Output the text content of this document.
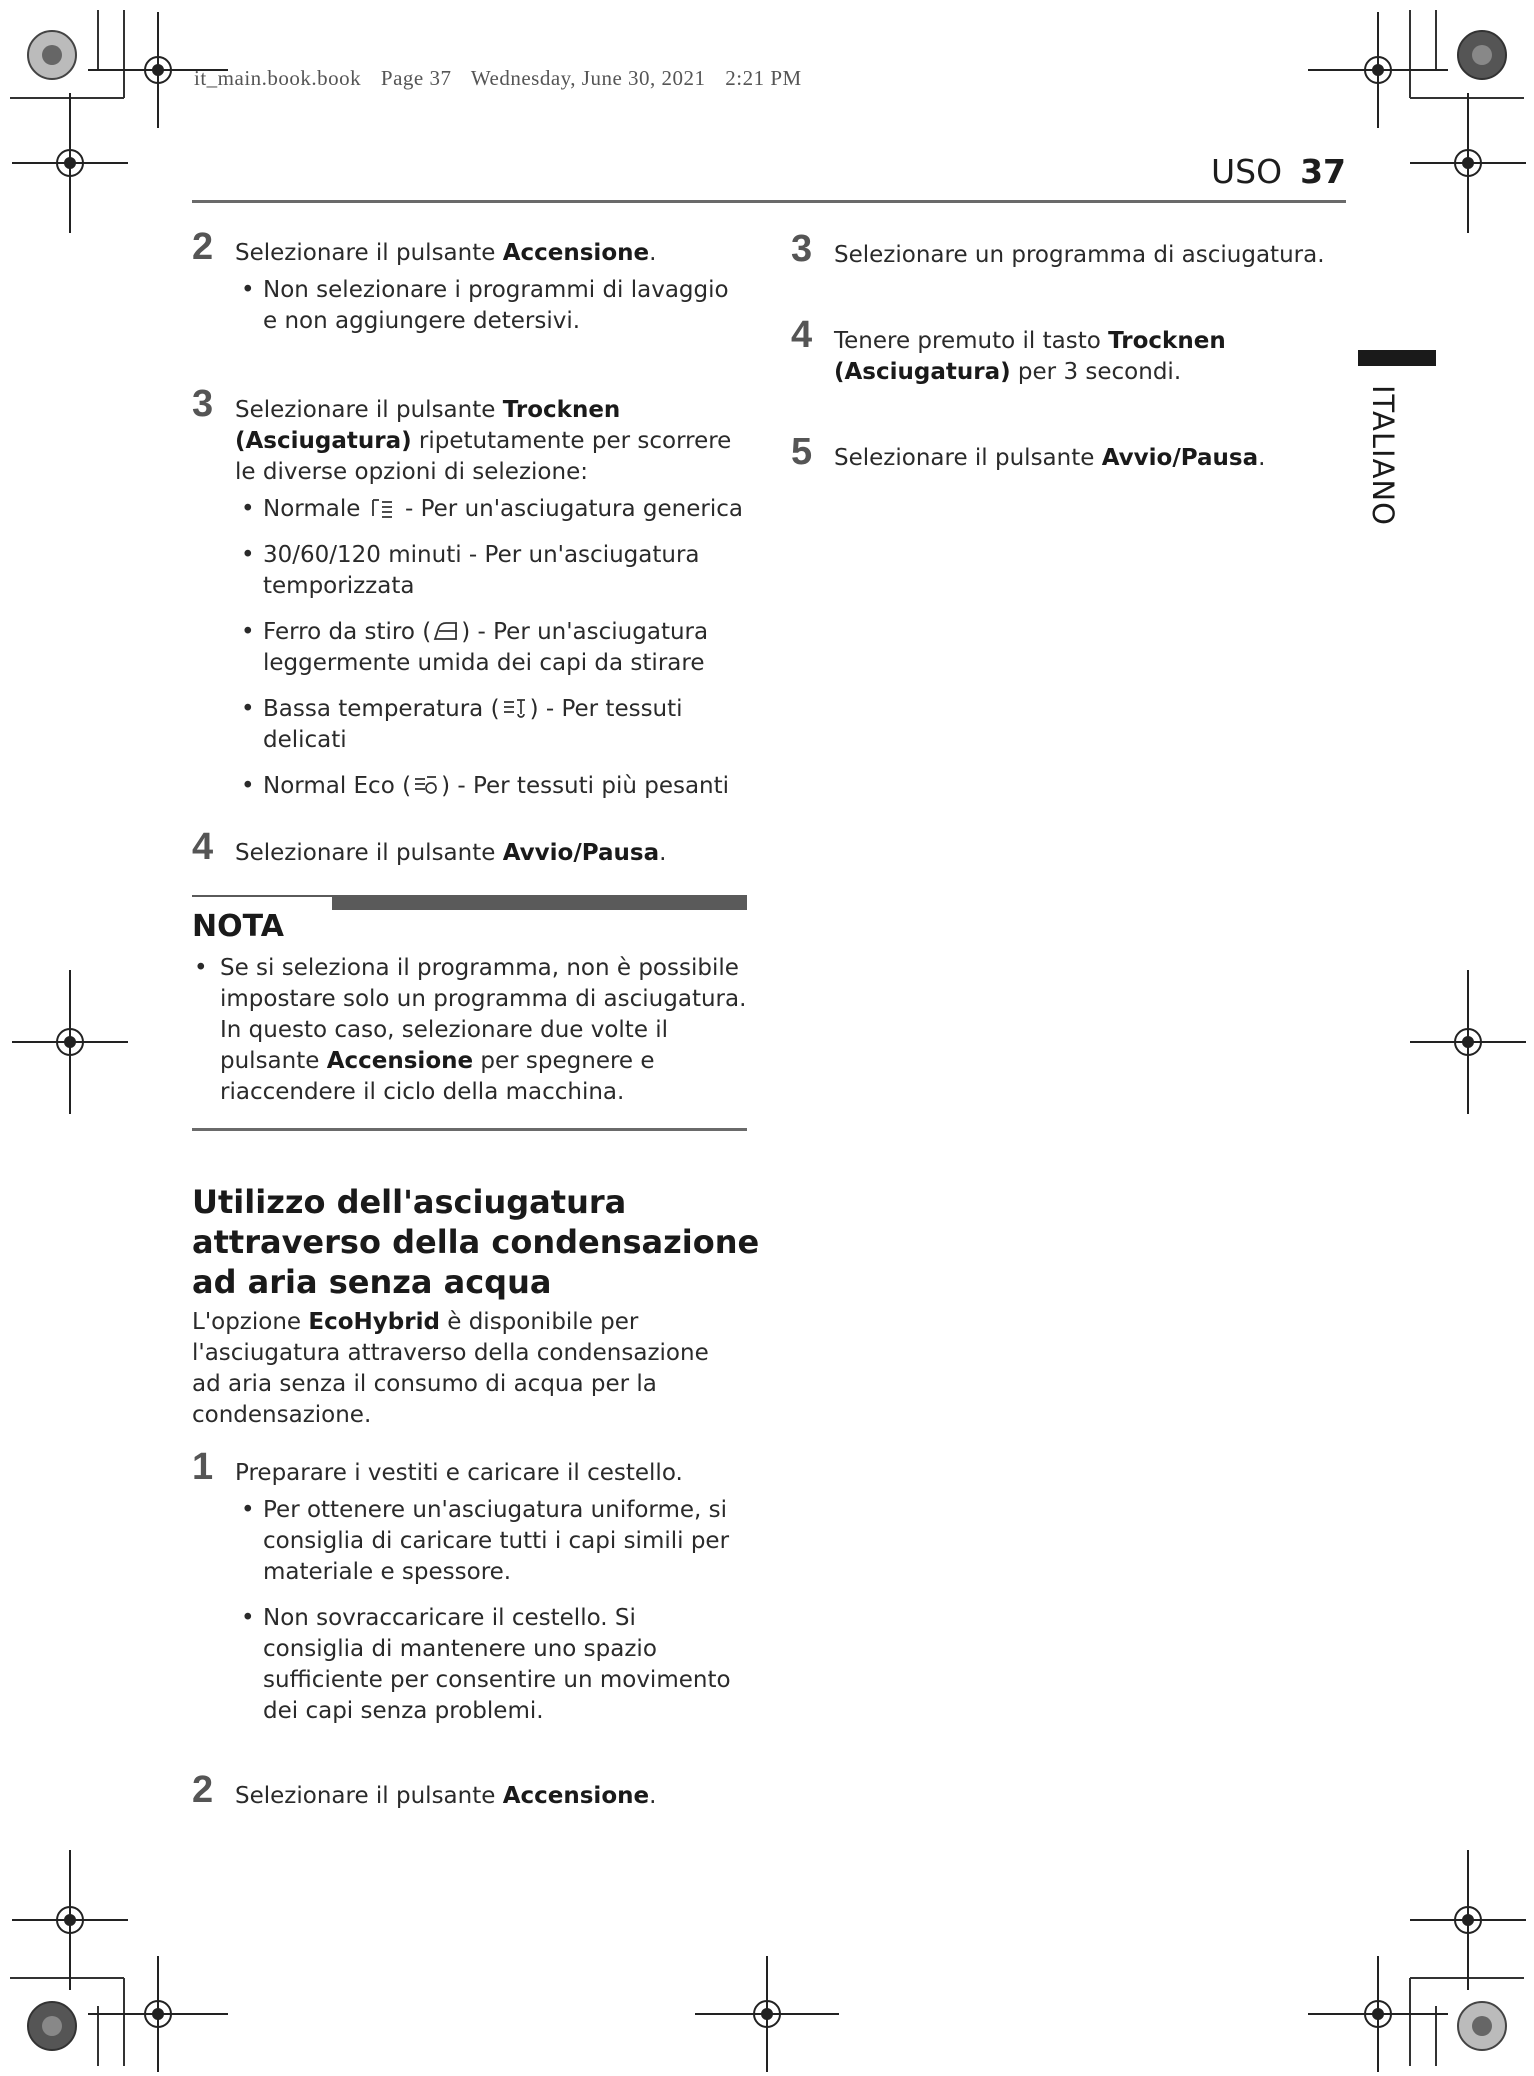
it_main.book.book Page 37 Wednesday, June 30, 2021 2:21 PM
USO 37
ITALIANO
2 Selezionare il pulsante Accensione.
• Non selezionare i programmi di lavaggio e non aggiungere detersivi.
3 Selezionare il pulsante Trocknen (Asciugatura) ripetutamente per scorrere le diverse opzioni di selezione:
• Normale  - Per un'asciugatura generica
• 30/60/120 minuti - Per un'asciugatura temporizzata
• Ferro da stiro ( ) - Per un'asciugatura leggermente umida dei capi da stirare
• Bassa temperatura ( ) - Per tessuti delicati
• Normal Eco ( ) - Per tessuti più pesanti
4 Selezionare il pulsante Avvio/Pausa.
NOTA
• Se si seleziona il programma, non è possibile impostare solo un programma di asciugatura. In questo caso, selezionare due volte il pulsante Accensione per spegnere e riaccendere il ciclo della macchina.
Utilizzo dell'asciugatura attraverso della condensazione ad aria senza acqua
L'opzione EcoHybrid è disponibile per l'asciugatura attraverso della condensazione ad aria senza il consumo di acqua per la condensazione.
1 Preparare i vestiti e caricare il cestello.
• Per ottenere un'asciugatura uniforme, si consiglia di caricare tutti i capi simili per materiale e spessore.
• Non sovraccaricare il cestello. Si consiglia di mantenere uno spazio sufficiente per consentire un movimento dei capi senza problemi.
2 Selezionare il pulsante Accensione.
3 Selezionare un programma di asciugatura.
4 Tenere premuto il tasto Trocknen (Asciugatura) per 3 secondi.
5 Selezionare il pulsante Avvio/Pausa.
